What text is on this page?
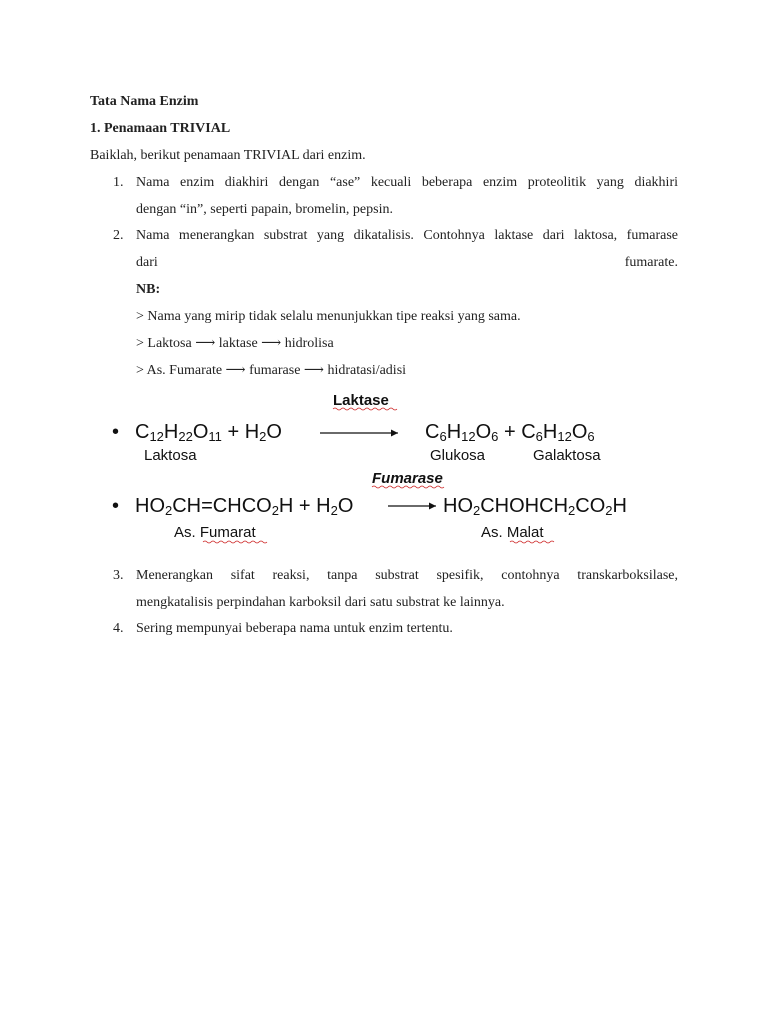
Tata Nama Enzim
1. Penamaan TRIVIAL
Baiklah, berikut penamaan TRIVIAL dari enzim.
1. Nama enzim diakhiri dengan “ase” kecuali beberapa enzim proteolitik yang diakhiri
dengan “in”, seperti papain, bromelin, pepsin.
2. Nama menerangkan substrat yang dikatalisis. Contohnya laktase dari laktosa, fumarase
dari fumarate.
NB:
> Nama yang mirip tidak selalu menunjukkan tipe reaksi yang sama.
> Laktosa ⟶ laktase ⟶ hidrolisa
> As. Fumarate ⟶ fumarase ⟶ hidratasi/adisi
Laktase
• C12H22O11 + H2O	C6H12O6 + C6H12O6
Laktosa	Glukosa	Galaktosa
Fumarase
• HO2CH=CHCO2H + H2O	HO2CHOHCH2CO2H
As. Fumarat	As. Malat
3. Menerangkan sifat reaksi, tanpa substrat spesifik, contohnya transkarboksilase,
mengkatalisis perpindahan karboksil dari satu substrat ke lainnya.
4. Sering mempunyai beberapa nama untuk enzim tertentu.
